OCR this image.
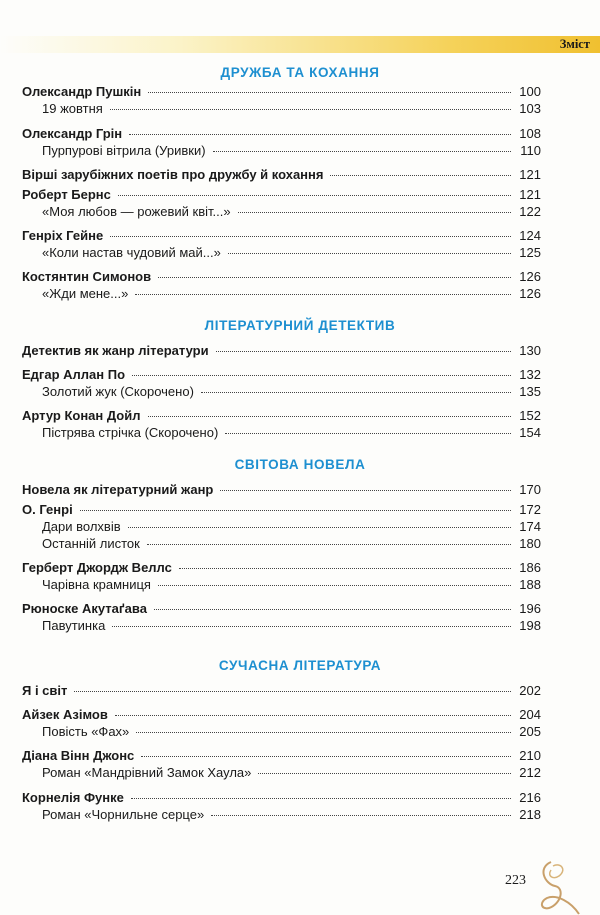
Зміст
ДРУЖБА ТА КОХАННЯ
Олександр Пушкін	100
19 жовтня	103
Олександр Грін	108
Пурпурові вітрила (Уривки)	110
Вірші зарубіжних поетів про дружбу й кохання	121
Роберт Бернс	121
«Моя любов — рожевий квіт...»	122
Генріх Гейне	124
«Коли настав чудовий май...»	125
Костянтин Симонов	126
«Жди мене...»	126
ЛІТЕРАТУРНИЙ ДЕТЕКТИВ
Детектив як жанр літератури	130
Едгар Аллан По	132
Золотий жук (Скорочено)	135
Артур Конан Дойл	152
Пістрява стрічка (Скорочено)	154
СВІТОВА НОВЕЛА
Новела як літературний жанр	170
О. Генрі	172
Дари волхвів	174
Останній листок	180
Герберт Джордж Веллс	186
Чарівна крамниця	188
Рюноске Акутаґава	196
Павутинка	198
СУЧАСНА ЛІТЕРАТУРА
Я і світ	202
Айзек Азімов	204
Повість «Фах»	205
Діана Вінн Джонс	210
Роман «Мандрівний Замок Хаула»	212
Корнелія Функе	216
Роман «Чорнильне серце»	218
223
